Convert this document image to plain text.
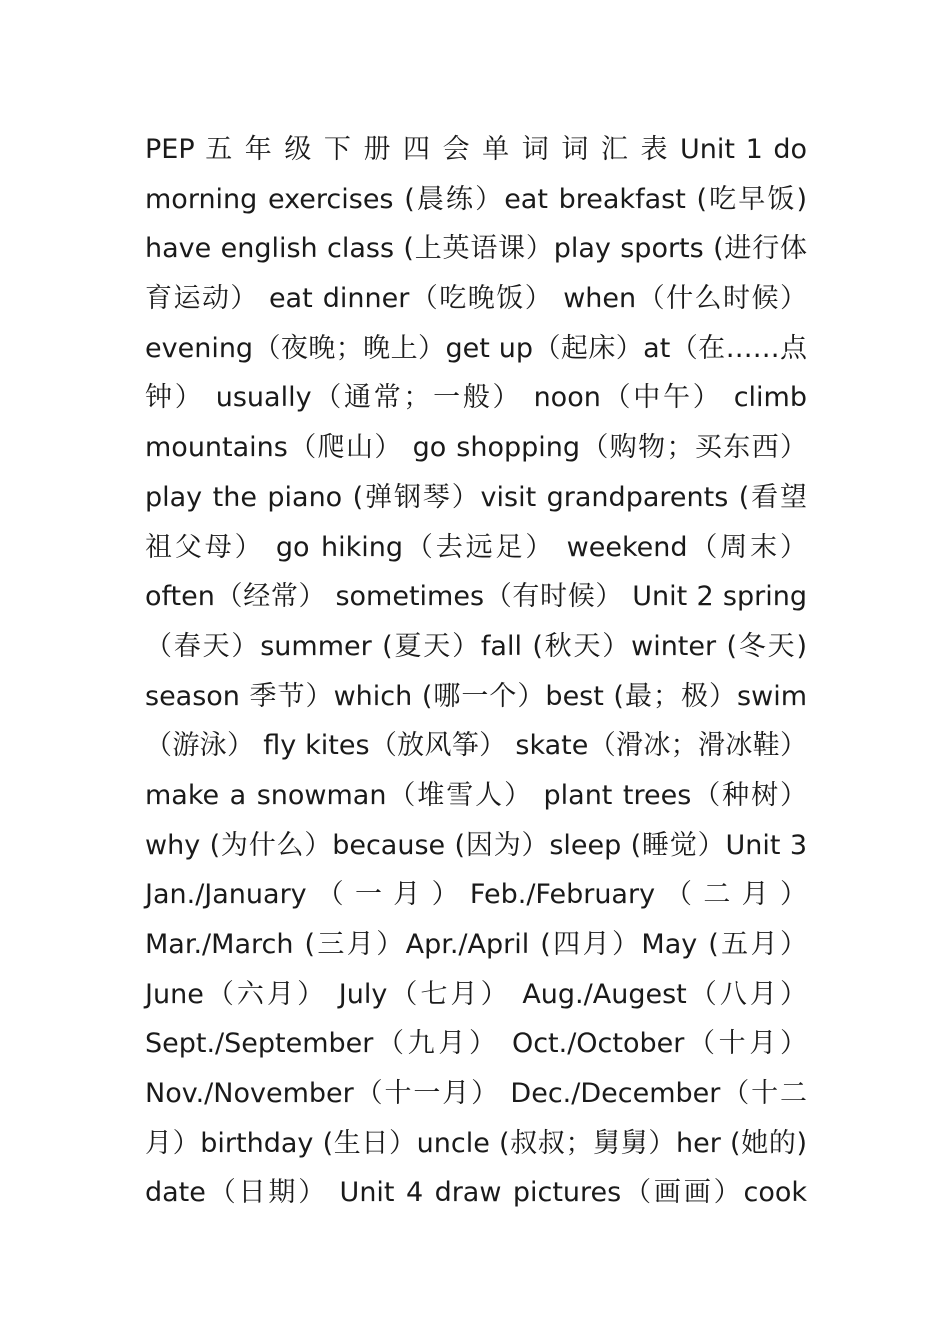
PEP 五 年 级 下 册 四 会 单 词 词 汇 表 Unit 1 do
morning exercises (晨练）eat breakfast (吃早饭)
have english class (上英语课）play sports (进行体
育运动） eat dinner（吃晚饭） when（什么时候）
evening（夜晚；晚上）get up（起床）at（在……点
钟） usually（通常；一般） noon（中午） climb
mountains（爬山） go shopping（购物；买东西）
play the piano (弹钢琴）visit grandparents (看望
祖父母） go hiking（去远足） weekend（周末）
often（经常） sometimes（有时候） Unit 2 spring
（春天）summer (夏天）fall (秋天）winter (冬天)
season 季节）which (哪一个）best (最；极）swim
（游泳） fly kites（放风筝） skate（滑冰；滑冰鞋）
make a snowman（堆雪人） plant trees（种树）
why (为什么）because (因为）sleep (睡觉）Unit 3
Jan./January （ 一 月 ） Feb./February （ 二 月 ）
Mar./March (三月）Apr./April (四月）May (五月）
June（六月） July（七月） Aug./Augest（八月）
Sept./September（九月） Oct./October（十月）
Nov./November（十一月） Dec./December（十二
月）birthday (生日）uncle (叔叔；舅舅）her (她的)
date（日期） Unit 4 draw pictures（画画）cook
